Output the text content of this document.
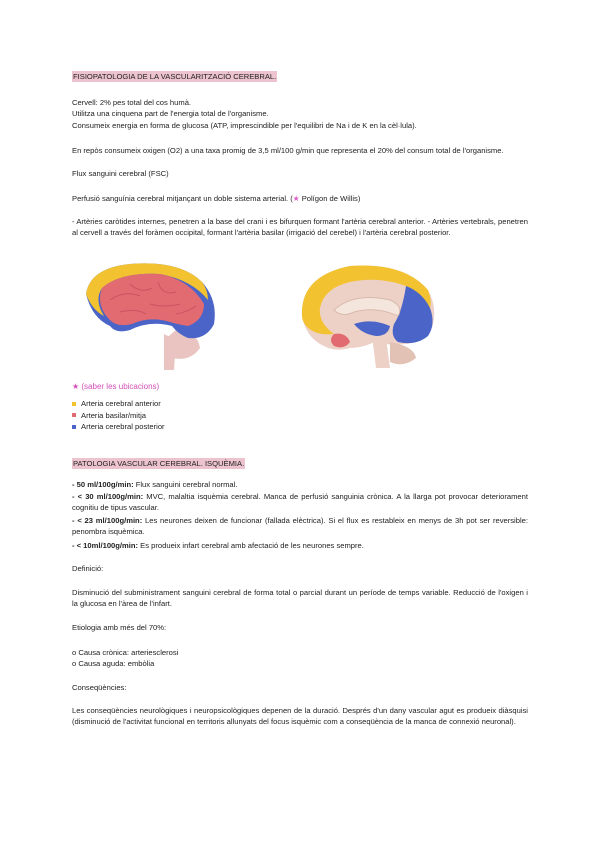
FISIOPATOLOGIA DE LA VASCULARITZACIÓ CEREBRAL.

Cervell: 2% pes total del cos humà.

Utilitza una cinquena part de l'energia total de l'organisme.

Consumeix energia en forma de glucosa (ATP, imprescindible per l'equilibri de Na i de K en la cèl·lula).

En repòs consumeix oxigen (O2) a una taxa promig de 3,5 ml/100 g/min que representa el 20% del consum total de l'organisme.

Flux sanguini cerebral (FSC)

Perfusió sanguínia cerebral mitjançant un doble sistema arterial. (★ Polígon de Willis)

- Artèries caròtides internes, penetren a la base del crani i es bifurquen formant l'artèria cerebral anterior. - Artèries vertebrals, penetren al cervell a través del foràmen occipital, formant l'artèria basilar (irrigació del cerebel) i l'artèria cerebral posterior.

★ (saber les ubicacions)

Arteria cerebral anterior
Arteria basilar/mitja
Arteria cerebral posterior

PATOLOGIA VASCULAR CEREBRAL. ISQUÈMIA.

- 50 ml/100g/min: Flux sanguini cerebral normal.

- < 30 ml/100g/min: MVC, malaltia isquèmia cerebral. Manca de perfusió sanguinia crònica. A la llarga pot provocar deteriorament cognitiu de tipus vascular.

- < 23 ml/100g/min: Les neurones deixen de funcionar (fallada elèctrica). Si el flux es restableix en menys de 3h pot ser reversible: penombra isquèmica.

- < 10ml/100g/min: Es produeix infart cerebral amb afectació de les neurones sempre.

Definició:

Disminució del subministrament sanguini cerebral de forma total o parcial durant un període de temps variable. Reducció de l'oxigen i la glucosa en l'àrea de l'infart.

Etiologia amb més del 70%:

o Causa crònica: arteriesclerosi

o Causa aguda: embòlia

Conseqüències:

Les conseqüències neurològiques i neuropsicològiques depenen de la duració. Després d'un dany vascular agut es produeix diàsquisi (disminució de l'activitat funcional en territoris allunyats del focus isquèmic com a conseqüència de la manca de connexió neuronal).
